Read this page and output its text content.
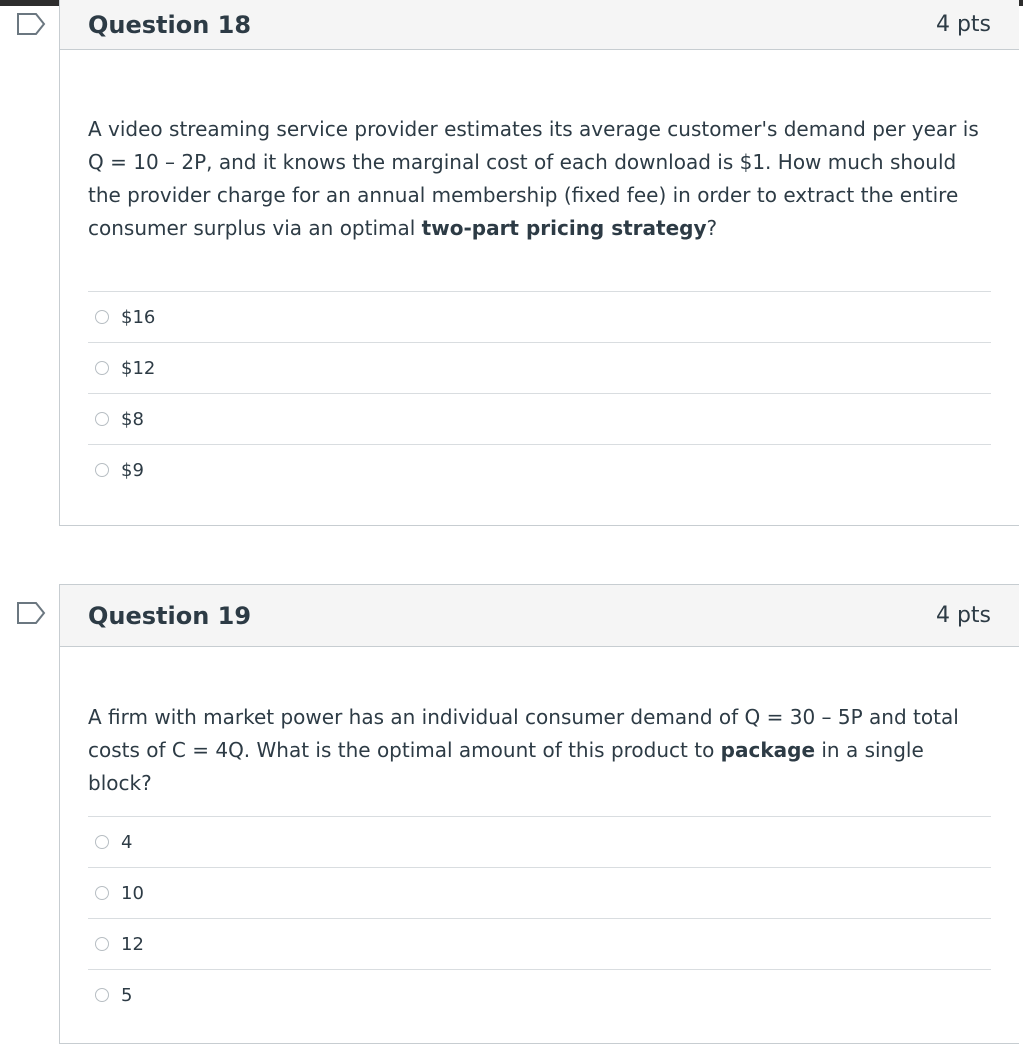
Question 18	4 pts
A video streaming service provider estimates its average customer's demand per year is Q = 10 – 2P, and it knows the marginal cost of each download is $1. How much should the provider charge for an annual membership (fixed fee) in order to extract the entire consumer surplus via an optimal two-part pricing strategy?
$16
$12
$8
$9
Question 19	4 pts
A firm with market power has an individual consumer demand of Q = 30 – 5P and total costs of C = 4Q. What is the optimal amount of this product to package in a single block?
4
10
12
5
